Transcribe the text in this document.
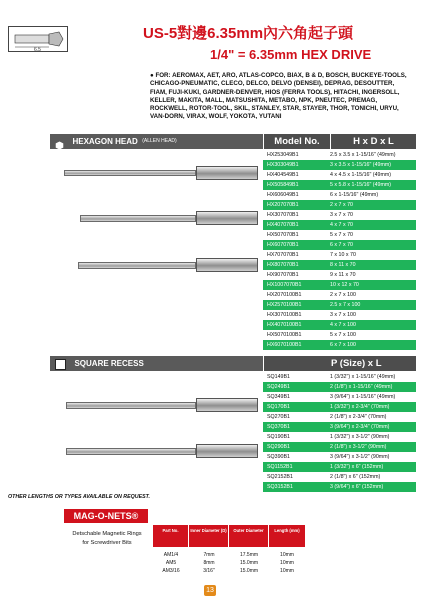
6.5
US-5對邊6.35mm內六角起子頭
1/4" = 6.35mm HEX DRIVE
● FOR: AEROMAX, AET, ARO, ATLAS-COPCO, BIAX, B & D, BOSCH, BUCKEYE-TOOLS, CHICAGO-PNEUMATIC, CLECO, DELCO, DELVO (DENSEI), DEPRAG, DESOUTTER, FIAM, FUJI-KUKI, GARDNER-DENVER, HIOS (FERRA TOOLS), HITACHI, INGERSOLL, KELLER, MAKITA, MALL, MATSUSHITA, METABO, NPK, PNEUTEC, PREMAG, ROCKWELL, ROTOR-TOOL, SKIL, STANLEY, STAR, STAYER, THOR, TONICHI, URYU, VAN-DORN, VIRAX, WOLF, YOKOTA, YUTANI
$^{HEXAGON HEAD}$ $^{(ALLEN HEAD)}$	Model No.	H x D x L
HX253049B1	2.5 x 3.5 x 1-15/16" (49mm)
HX303049B1	3 x 3.5 x 1-15/16" (49mm)
HX404549B1	4 x 4.5 x 1-15/16" (49mm)
HX505849B1	5 x 5.8 x 1-15/16" (49mm)
HX606049B1	6 x 1-15/16" (49mm)
HX207070B1	2 x 7 x 70
HX307070B1	3 x 7 x 70
HX407070B1	4 x 7 x 70
HX507070B1	5 x 7 x 70
HX607070B1	6 x 7 x 70
HX707070B1	7 x 10 x 70
HX807070B1	8 x 11 x 70
HX907070B1	9 x 11 x 70
HX1007070B1	10 x 12 x 70
HX2070100B1	2 x 7 x 100
HX2570100B1	2.5 x 7 x 100
HX3070100B1	3 x 7 x 100
HX4070100B1	4 x 7 x 100
HX5070100B1	5 x 7 x 100
HX6070100B1	6 x 7 x 100
$^{SQUARE RECESS}$	P (Size) x L
SQ149B1	1 (3/32") x 1-15/16" (49mm)
SQ249B1	2 (1/8") x 1-15/16" (49mm)
SQ349B1	3 (9/64") x 1-15/16" (49mm)
SQ170B1	1 (3/32") x 2-3/4" (70mm)
SQ270B1	2 (1/8") x 2-3/4" (70mm)
SQ370B1	3 (9/64") x 2-3/4" (70mm)
SQ190B1	1 (3/32") x 3-1/2" (90mm)
SQ290B1	2 (1/8") x 3-1/2" (90mm)
SQ390B1	3 (9/64") x 3-1/2" (90mm)
SQ1152B1	1 (3/32") x 6" (152mm)
SQ2152B1	2 (1/8") x 6" (152mm)
SQ3152B1	3 (9/64") x 6" (152mm)
OTHER LENGTHS OR TYPES AVAILABLE ON REQUEST.
MAG-O-NETS®
Detschable Magnetic Rings
for Screwdriver Bits
Part No.	Inner Diameter (D)	Outer Diameter	Length (mm)
AM1/4	7mm	17.5mm	10mm
AM5	8mm	15.0mm	10mm
AM3/16	3/16"	15.0mm	10mm
13
